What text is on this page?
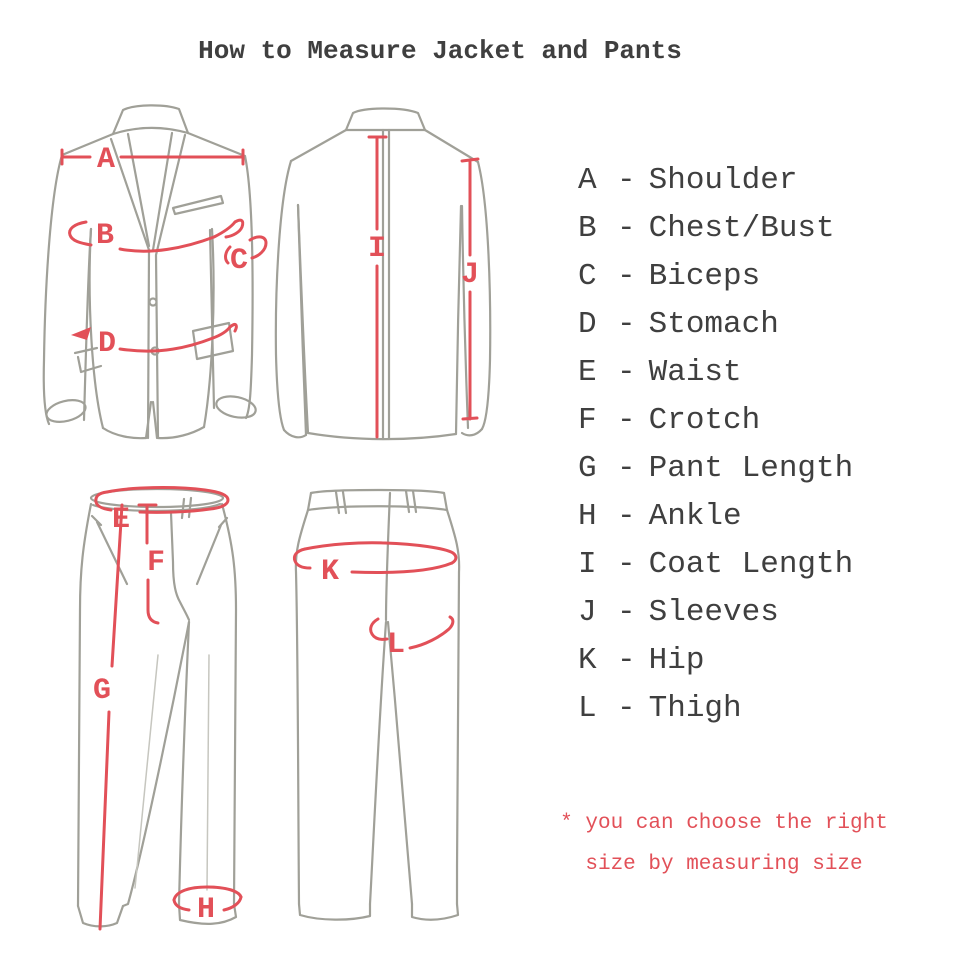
How to Measure Jacket and Pants
A
B
C
D
I
J
E
F
G
H
K
L
A - Shoulder
B - Chest/Bust
C - Biceps
D - Stomach
E - Waist
F - Crotch
G - Pant Length
H - Ankle
I - Coat Length
J - Sleeves
K - Hip
L - Thigh
* you can choose the right
size by measuring size
